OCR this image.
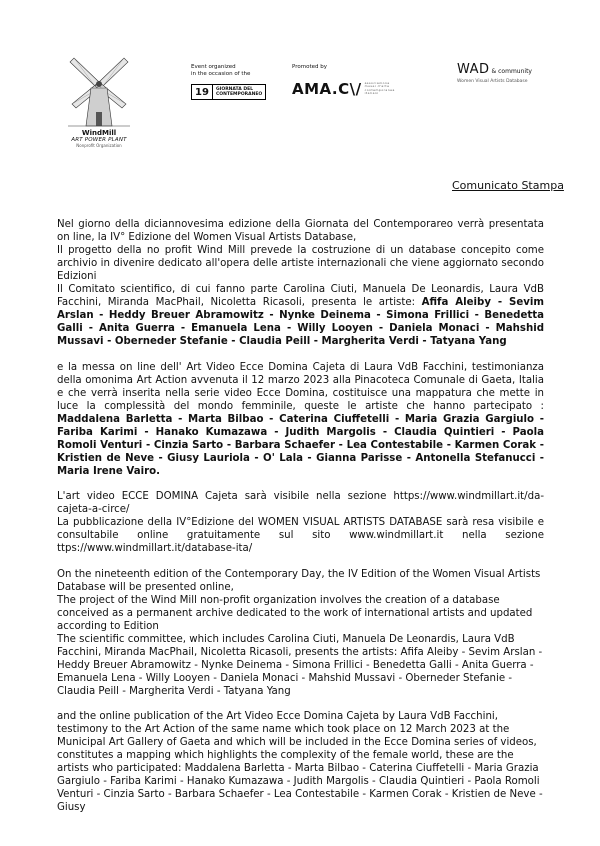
WindMill
ART POWER PLANT
Nonprofit Organization
Event organized
in the occasion of the
19	GIORNATA DEL
CONTEMPORANEO
Promoted by
AMA.C\/ associazione musei d'arte contemporanea italiani
WAD & community
Women Visual Artists Database
Comunicato Stampa

Nel giorno della diciannovesima edizione della Giornata del Contemporareo verrà presentata on line, la IV° Edizione del Women Visual Artists Database,
Il progetto della no profit Wind Mill prevede la costruzione di un database concepito come archivio in divenire dedicato all'opera delle artiste internazionali che viene aggiornato secondo Edizioni
Il Comitato scientifico, di cui fanno parte Carolina Ciuti, Manuela De Leonardis, Laura VdB Facchini, Miranda MacPhail, Nicoletta Ricasoli, presenta le artiste: Afifa Aleiby - Sevim Arslan - Heddy Breuer Abramowitz - Nynke Deinema - Simona Frillici - Benedetta Galli - Anita Guerra - Emanuela Lena - Willy Looyen - Daniela Monaci - Mahshid Mussavi - Oberneder Stefanie - Claudia Peill - Margherita Verdi - Tatyana Yang

e la messa on line dell' Art Video Ecce Domina Cajeta di Laura VdB Facchini, testimonianza della omonima Art Action avvenuta il 12 marzo 2023 alla Pinacoteca Comunale di Gaeta, Italia e che verrà inserita nella serie video Ecce Domina, costituisce una mappatura che mette in luce la complessità del mondo femminile, queste le artiste che hanno partecipato : Maddalena Barletta - Marta Bilbao - Caterina Ciuffetelli - Maria Grazia Gargiulo - Fariba Karimi - Hanako Kumazawa - Judith Margolis - Claudia Quintieri - Paola Romoli Venturi - Cinzia Sarto - Barbara Schaefer - Lea Contestabile - Karmen Corak - Kristien de Neve - Giusy Lauriola - O' Lala - Gianna Parisse - Antonella Stefanucci - Maria Irene Vairo.

L'art video ECCE DOMINA Cajeta sarà visibile nella sezione https://www.windmillart.it/da-cajeta-a-circe/
La pubblicazione della IV°Edizione del WOMEN VISUAL ARTISTS DATABASE sarà resa visibile e consultabile online gratuitamente sul sito www.windmillart.it nella sezione ttps://www.windmillart.it/database-ita/

On the nineteenth edition of the Contemporary Day, the IV Edition of the Women Visual Artists Database will be presented online,
The project of the Wind Mill non-profit organization involves the creation of a database conceived as a permanent archive dedicated to the work of international artists and updated according to Edition
The scientific committee, which includes Carolina Ciuti, Manuela De Leonardis, Laura VdB Facchini, Miranda MacPhail, Nicoletta Ricasoli, presents the artists: Afifa Aleiby - Sevim Arslan - Heddy Breuer Abramowitz - Nynke Deinema - Simona Frillici - Benedetta Galli - Anita Guerra - Emanuela Lena - Willy Looyen - Daniela Monaci - Mahshid Mussavi - Oberneder Stefanie - Claudia Peill - Margherita Verdi - Tatyana Yang

and the online publication of the Art Video Ecce Domina Cajeta by Laura VdB Facchini, testimony to the Art Action of the same name which took place on 12 March 2023 at the Municipal Art Gallery of Gaeta and which will be included in the Ecce Domina series of videos, constitutes a mapping which highlights the complexity of the female world, these are the artists who participated: Maddalena Barletta - Marta Bilbao - Caterina Ciuffetelli - Maria Grazia Gargiulo - Fariba Karimi - Hanako Kumazawa - Judith Margolis - Claudia Quintieri - Paola Romoli Venturi - Cinzia Sarto - Barbara Schaefer - Lea Contestabile - Karmen Corak - Kristien de Neve - Giusy
